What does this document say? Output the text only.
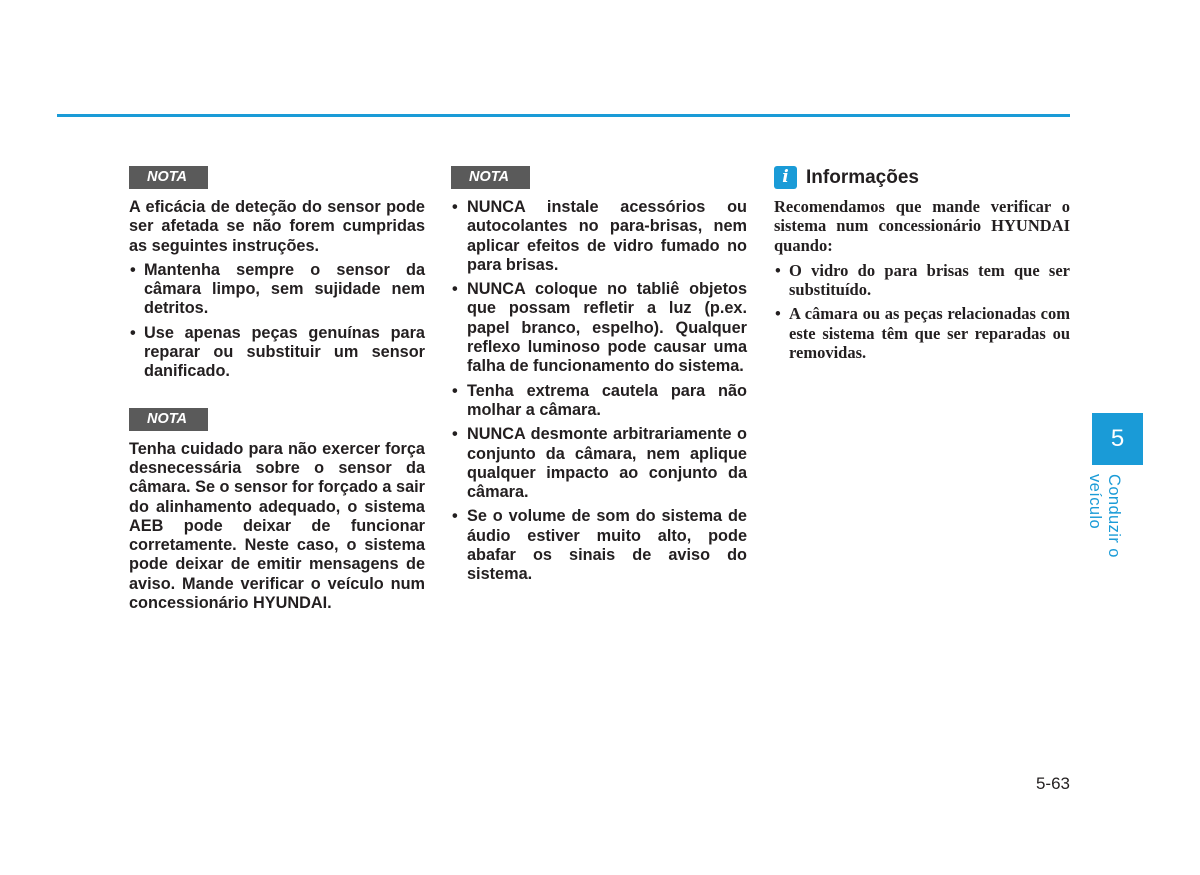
NOTA

A eficácia de deteção do sensor pode ser afetada se não forem cumpridas as seguintes instruções.

• Mantenha sempre o sensor da câmara limpo, sem sujidade nem detritos.
• Use apenas peças genuínas para reparar ou substituir um sensor danificado.
NOTA

Tenha cuidado para não exercer força desnecessária sobre o sensor da câmara. Se o sensor for forçado a sair do alinhamento adequado, o sistema AEB pode deixar de funcionar corretamente. Neste caso, o sistema pode deixar de emitir mensagens de aviso. Mande verificar o veículo num concessionário HYUNDAI.

NOTA
• NUNCA instale acessórios ou autocolantes no para-brisas, nem aplicar efeitos de vidro fumado no para brisas.
• NUNCA coloque no tabliê objetos que possam refletir a luz (p.ex. papel branco, espelho). Qualquer reflexo luminoso pode causar uma falha de funcionamento do sistema.
• Tenha extrema cautela para não molhar a câmara.
• NUNCA desmonte arbitrariamente o conjunto da câmara, nem aplique qualquer impacto ao conjunto da câmara.
• Se o volume de som do sistema de áudio estiver muito alto, pode abafar os sinais de aviso do sistema.
i Informações

Recomendamos que mande verificar o sistema num concessionário HYUNDAI quando:

• O vidro do para brisas tem que ser substituído.
• A câmara ou as peças relacionadas com este sistema têm que ser reparadas ou removidas.
5
Conduzir o veículo
5-63
